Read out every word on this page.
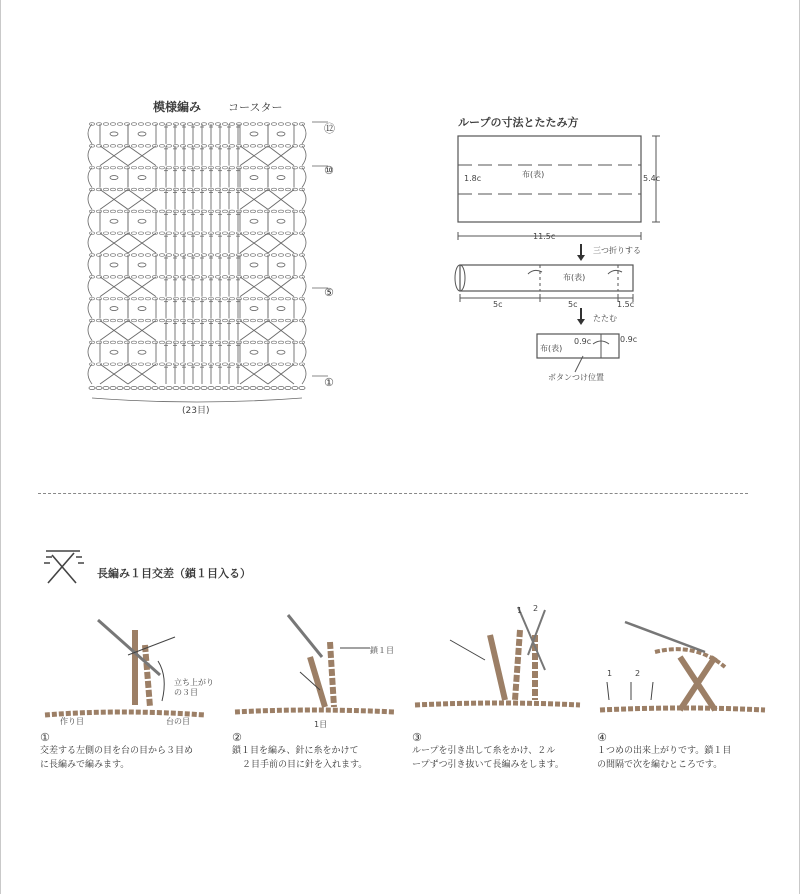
模様編み コースター
⑫
⑩
⑤
①
(23目)
ループの寸法とたたみ方
布(表)	5.4c
1.8c
11.5c
三つ折りする
布(表)
5c	5c	1.5c
たたむ
布(表)
0.9c	0.9c
ボタンつけ位置
長編み１目交差（鎖１目入る）
立ち上がり
の３目
作り目	台の目
鎖１目
1目
1 2
1	2
①
交差する左側の目を台の目から３目め
に長編みで編みます。
②
鎖１目を編み、針に糸をかけて
２目手前の目に針を入れます。
③
ループを引き出して糸をかけ、２ル
ープずつ引き抜いて長編みをします。
④
１つめの出来上がりです。鎖１目
の間隔で次を編むところです。
